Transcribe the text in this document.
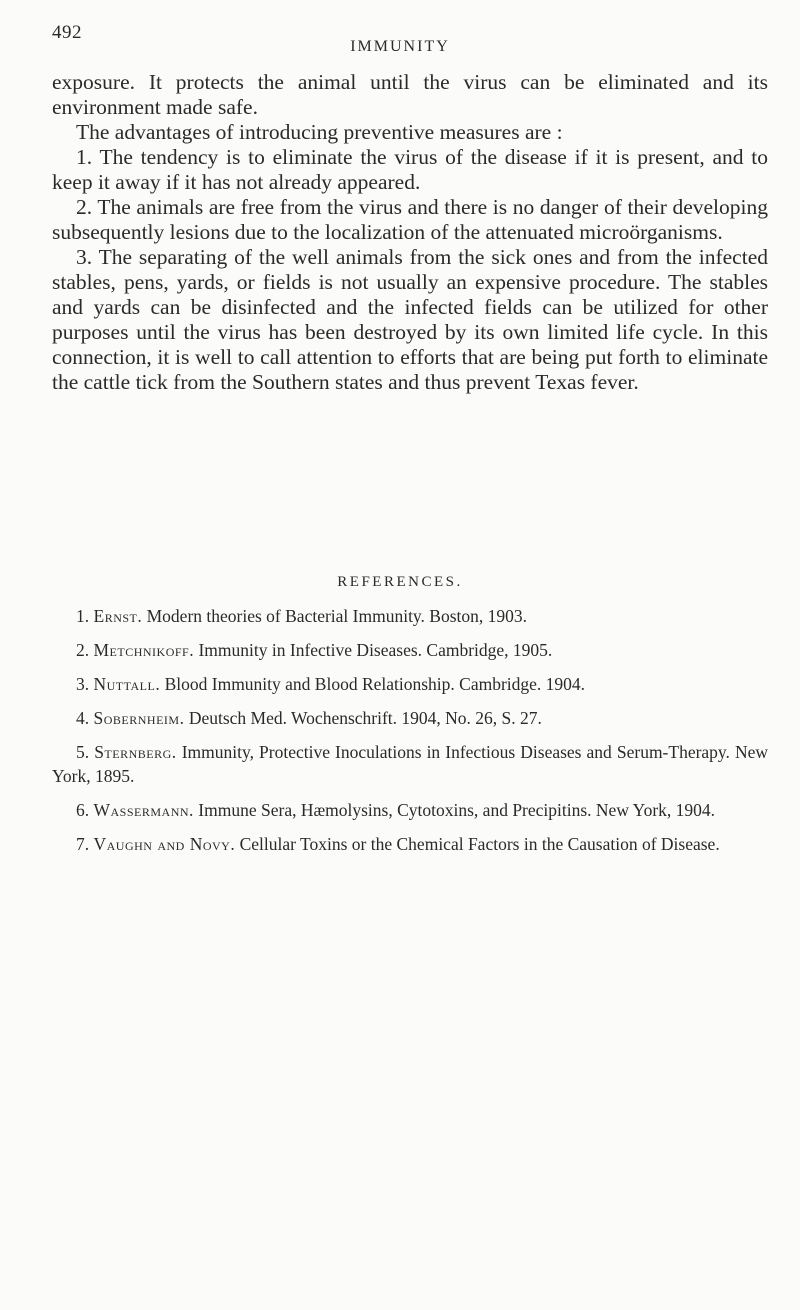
492
IMMUNITY

exposure. It protects the animal until the virus can be eliminated and its environment made safe.

The advantages of introducing preventive measures are :

1. The tendency is to eliminate the virus of the disease if it is present, and to keep it away if it has not already appeared.

2. The animals are free from the virus and there is no danger of their developing subsequently lesions due to the localization of the attenuated microörganisms.

3. The separating of the well animals from the sick ones and from the infected stables, pens, yards, or fields is not usually an expensive procedure. The stables and yards can be disinfected and the infected fields can be utilized for other purposes until the virus has been destroyed by its own limited life cycle. In this connection, it is well to call attention to efforts that are being put forth to eliminate the cattle tick from the Southern states and thus prevent Texas fever.

REFERENCES.

1. Ernst. Modern theories of Bacterial Immunity. Boston, 1903.

2. Metchnikoff. Immunity in Infective Diseases. Cambridge, 1905.

3. Nuttall. Blood Immunity and Blood Relationship. Cambridge. 1904.

4. Sobernheim. Deutsch Med. Wochenschrift. 1904, No. 26, S. 27.

5. Sternberg. Immunity, Protective Inoculations in Infectious Diseases and Serum-Therapy. New York, 1895.

6. Wassermann. Immune Sera, Hæmolysins, Cytotoxins, and Precipitins. New York, 1904.

7. Vaughn and Novy. Cellular Toxins or the Chemical Factors in the Causation of Disease.
